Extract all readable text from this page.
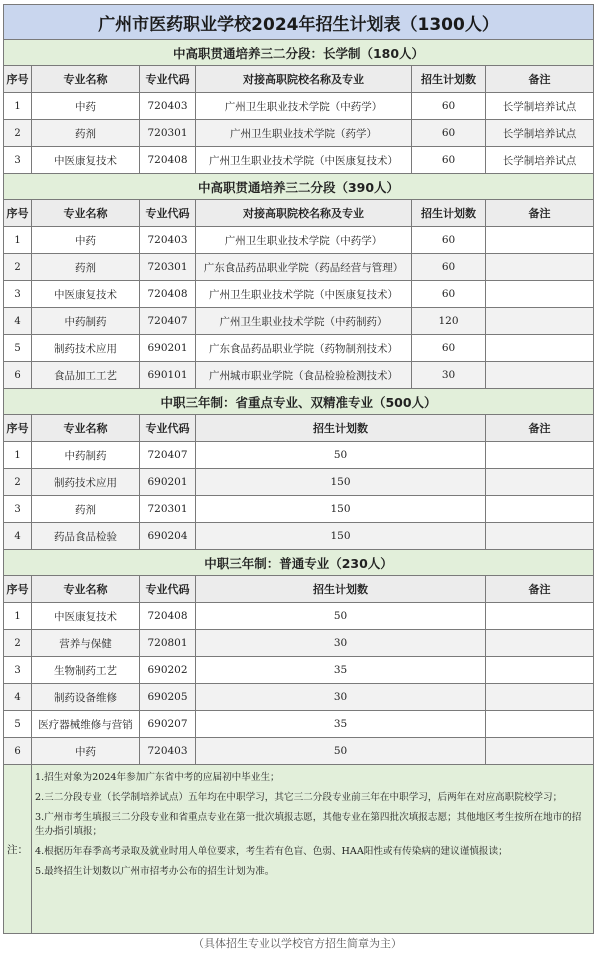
广州市医药职业学校2024年招生计划表（1300人）					
中高职贯通培养三二分段：长学制（180人）					
序号	专业名称	专业代码	对接高职院校名称及专业	招生计划数	备注
1	中药	720403	广州卫生职业技术学院（中药学）	60	长学制培养试点
2	药剂	720301	广州卫生职业技术学院（药学）	60	长学制培养试点
3	中医康复技术	720408	广州卫生职业技术学院（中医康复技术）	60	长学制培养试点
中高职贯通培养三二分段（390人）					
序号	专业名称	专业代码	对接高职院校名称及专业	招生计划数	备注
1	中药	720403	广州卫生职业技术学院（中药学）	60	
2	药剂	720301	广东食品药品职业学院（药品经营与管理）	60	
3	中医康复技术	720408	广州卫生职业技术学院（中医康复技术）	60	
4	中药制药	720407	广州卫生职业技术学院（中药制药）	120	
5	制药技术应用	690201	广东食品药品职业学院（药物制剂技术）	60	
6	食品加工工艺	690101	广州城市职业学院（食品检验检测技术）	30	
中职三年制：省重点专业、双精准专业（500人）					
序号	专业名称	专业代码	招生计划数		备注
1	中药制药	720407	50		
2	制药技术应用	690201	150		
3	药剂	720301	150		
4	药品食品检验	690204	150		
中职三年制：普通专业（230人）					
序号	专业名称	专业代码	招生计划数		备注
1	中医康复技术	720408	50		
2	营养与保健	720801	30		
3	生物制药工艺	690202	35		
4	制药设备维修	690205	30		
5	医疗器械维修与营销	690207	35		
6	中药	720403	50		
注：	1.招生对象为2024年参加广东省中考的应届初中毕业生；
2.三二分段专业（长学制培养试点）五年均在中职学习，其它三二分段专业前三年在中职学习，后两年在对应高职院校学习；
3.广州市考生填报三二分段专业和省重点专业在第一批次填报志愿，其他专业在第四批次填报志愿；其他地区考生按所在地市的招生办指引填报；
4.根据历年春季高考录取及就业时用人单位要求，考生若有色盲、色弱、HAA阳性或有传染病的建议谨慎报读；
5.最终招生计划数以广州市招考办公布的招生计划为准。				
（具体招生专业以学校官方招生简章为主）
